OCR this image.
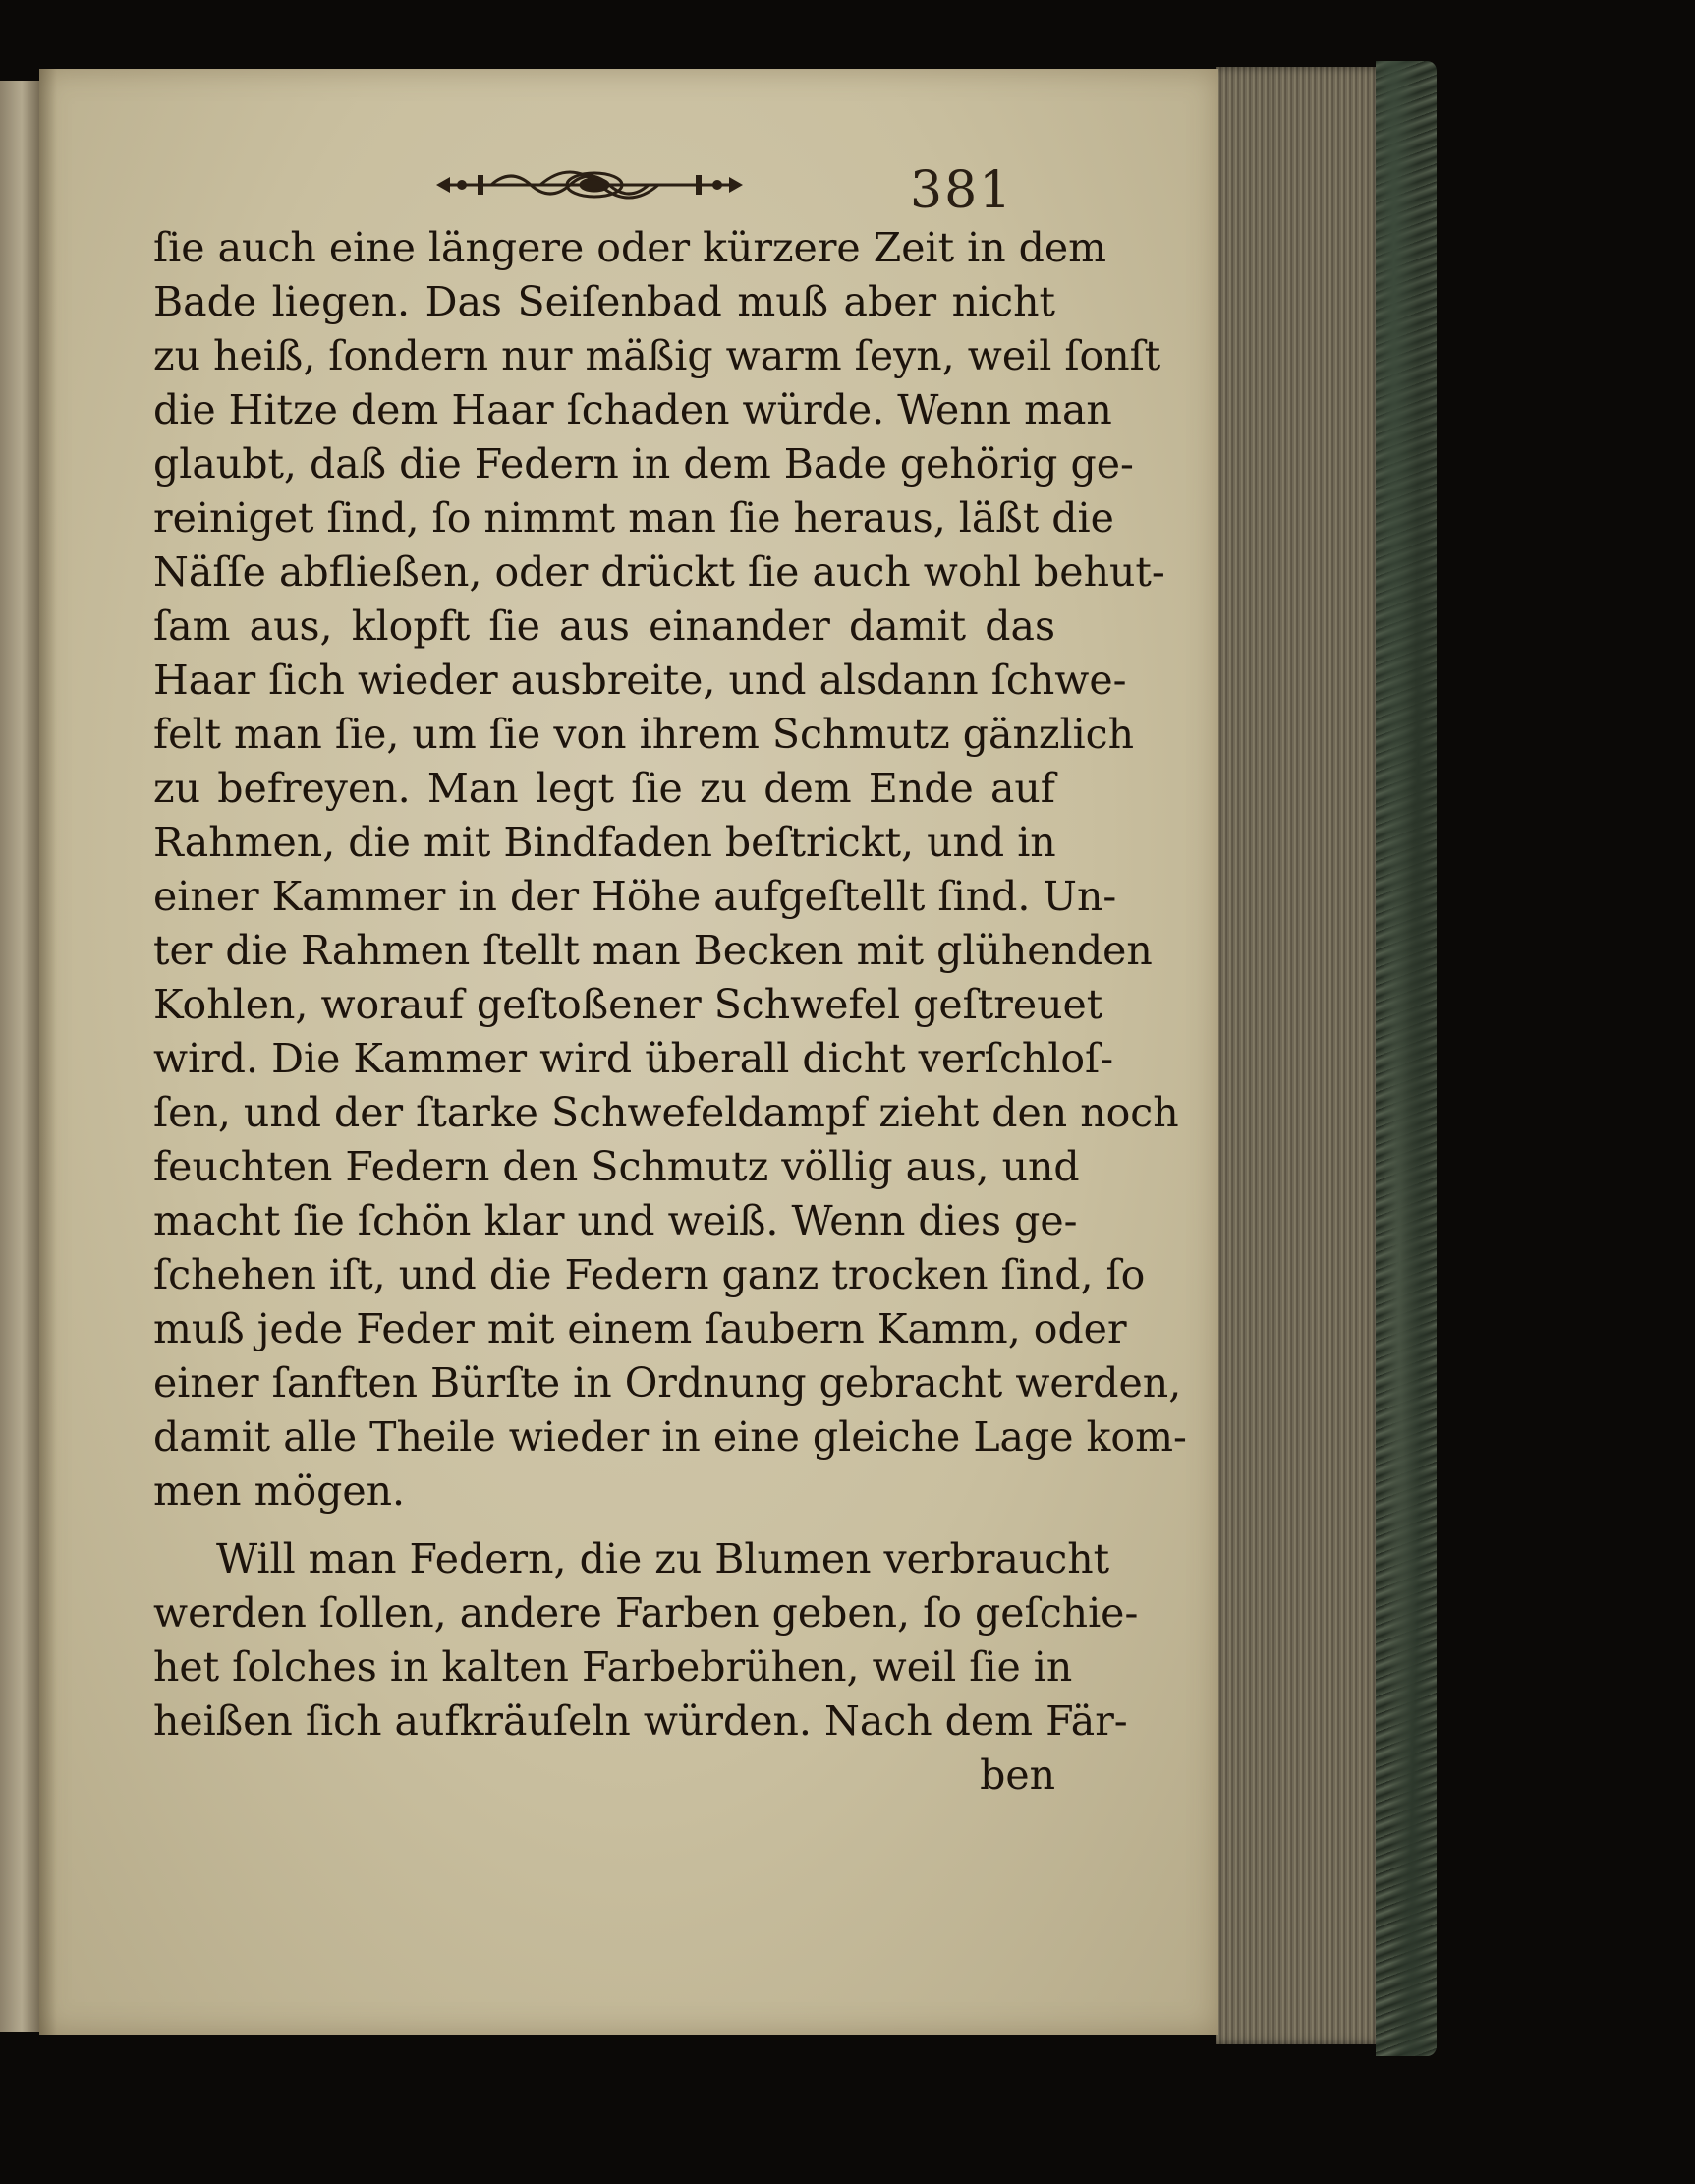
381
ſie auch eine längere oder kürzere Zeit in dem
Bade liegen. Das Seiſenbad muß aber nicht
zu heiß, ſondern nur mäßig warm ſeyn, weil ſonſt
die Hitze dem Haar ſchaden würde. Wenn man
glaubt, daß die Federn in dem Bade gehörig ge-
reiniget ſind, ſo nimmt man ſie heraus, läßt die
Näſſe abfließen, oder drückt ſie auch wohl behut-
ſam aus, klopft ſie aus einander damit das
Haar ſich wieder ausbreite, und alsdann ſchwe-
felt man ſie, um ſie von ihrem Schmutz gänzlich
zu befreyen. Man legt ſie zu dem Ende auf
Rahmen, die mit Bindfaden beſtrickt, und in
einer Kammer in der Höhe aufgeſtellt ſind. Un-
ter die Rahmen ſtellt man Becken mit glühenden
Kohlen, worauf geſtoßener Schwefel geſtreuet
wird. Die Kammer wird überall dicht verſchloſ-
ſen, und der ſtarke Schwefeldampf zieht den noch
feuchten Federn den Schmutz völlig aus, und
macht ſie ſchön klar und weiß. Wenn dies ge-
ſchehen iſt, und die Federn ganz trocken ſind, ſo
muß jede Feder mit einem ſaubern Kamm, oder
einer ſanften Bürſte in Ordnung gebracht werden,
damit alle Theile wieder in eine gleiche Lage kom-
men mögen.
Will man Federn, die zu Blumen verbraucht
werden ſollen, andere Farben geben, ſo geſchie-
het ſolches in kalten Farbebrühen, weil ſie in
heißen ſich aufkräuſeln würden. Nach dem Fär-
ben
